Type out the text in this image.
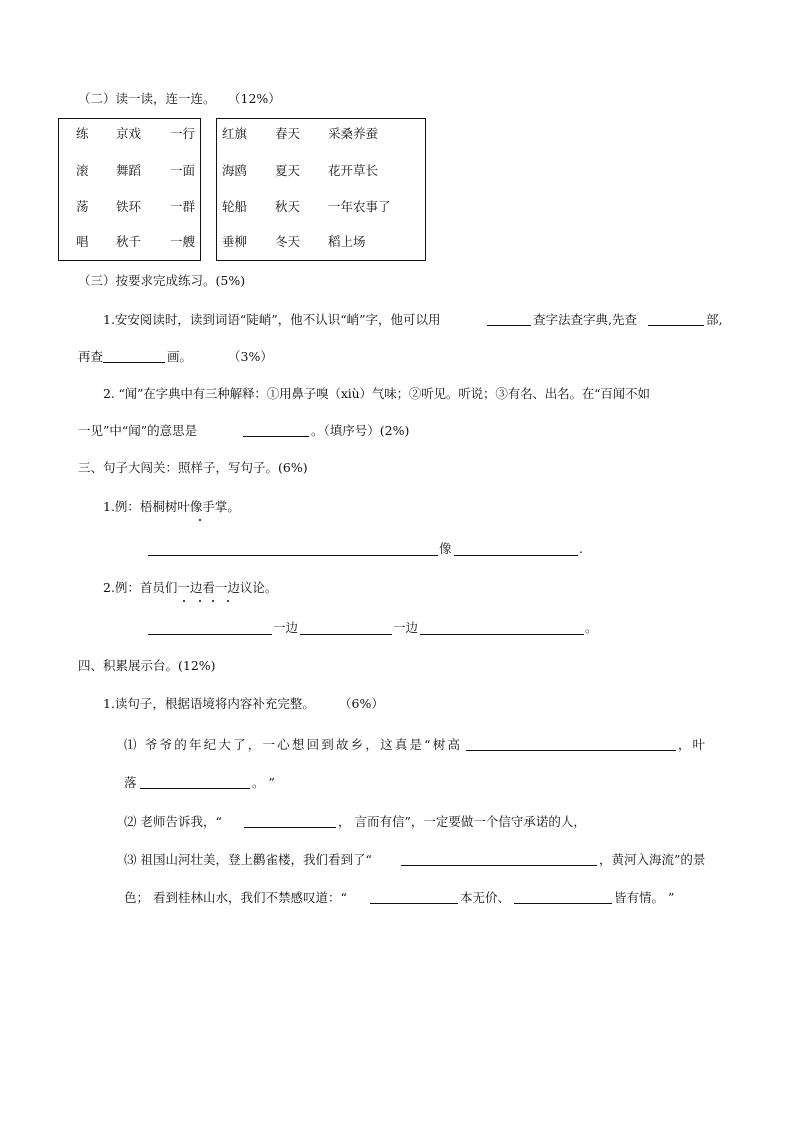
（二）读一读，连一连。 （12%）
练 京戏 一行
滚 舞蹈 一面
荡 铁环 一群
唱 秋千 一艘
红旗 春天 采桑养蚕
海鸥 夏天 花开草长
轮船 秋天 一年农事了
垂柳 冬天 稻上场
（三）按要求完成练习。(5%)
1.安安阅读时，读到词语“陡峭”，他不认识“峭”字，他可以用	查字法查字典,先查	部,
再查	画。	（3%）
2. “闻”在字典中有三种解释：①用鼻子嗅（xiù）气味；②听见。听说；③有名、出名。在“百闻不如
一见”中“闻”的意思是	。（填序号）(2%)
三、句子大闯关：照样子，写句子。(6%)
1.例：梧桐树叶像手掌。
像	.
2.例：首员们一边看一边议论。
一边	一边	。
四、积累展示台。(12%)
1.读句子，根据语境将内容补充完整。 （6%）
⑴ 爷爷的年纪大了，一心想回到故乡，这真是“树高	，叶
落	。 ”
⑵ 老师告诉我，“	， 言而有信”，一定要做一个信守承诺的人，
⑶ 祖国山河壮美，登上鹳雀楼，我们看到了“	，黄河入海流”的景
色； 看到桂林山水，我们不禁感叹道：“	本无价、	皆有情。 ”
